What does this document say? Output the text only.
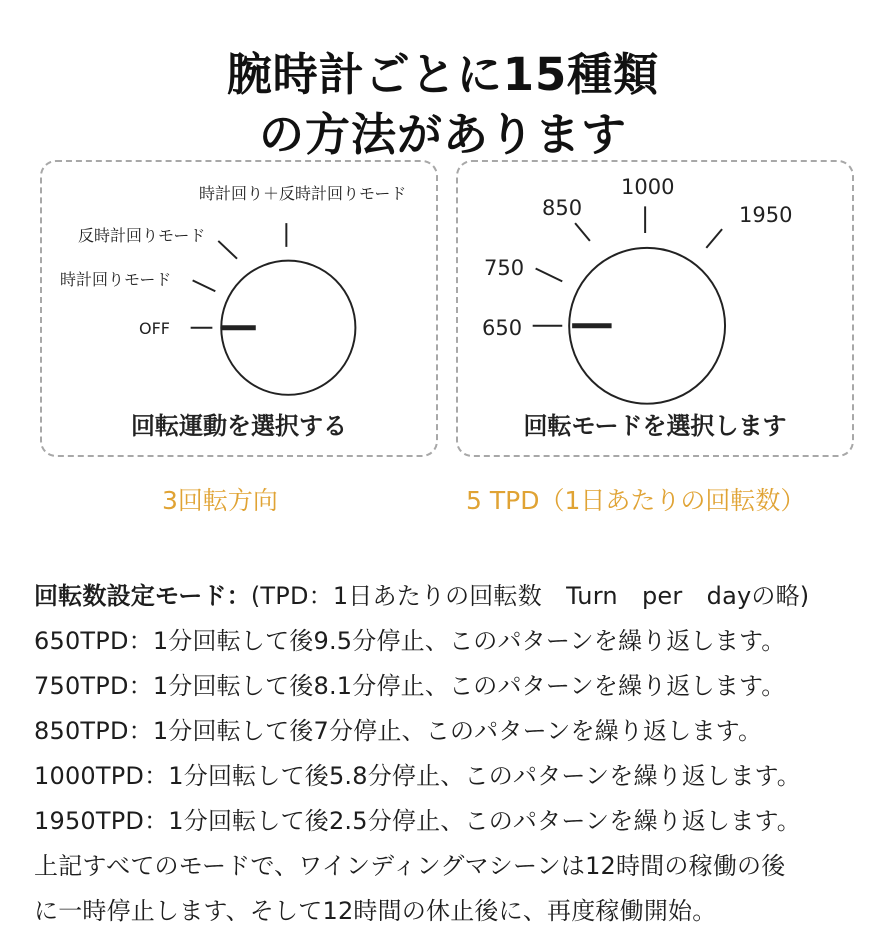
腕時計ごとに15種類
の方法があります
時計回り＋反時計回りモード
反時計回りモード
時計回りモード
OFF
回転運動を選択する
1000
850	1950
750
650
回転モードを選択します
3回転方向	5 TPD（1日あたりの回転数）
回転数設定モード：(TPD：1日あたりの回転数　Turn　per　dayの略)
650TPD：1分回転して後9.5分停止、このパターンを繰り返します。
750TPD：1分回転して後8.1分停止、このパターンを繰り返します。
850TPD：1分回転して後7分停止、このパターンを繰り返します。
1000TPD：1分回転して後5.8分停止、このパターンを繰り返します。
1950TPD：1分回転して後2.5分停止、このパターンを繰り返します。
上記すべてのモードで、ワインディングマシーンは12時間の稼働の後
に一時停止します、そして12時間の休止後に、再度稼働開始。
